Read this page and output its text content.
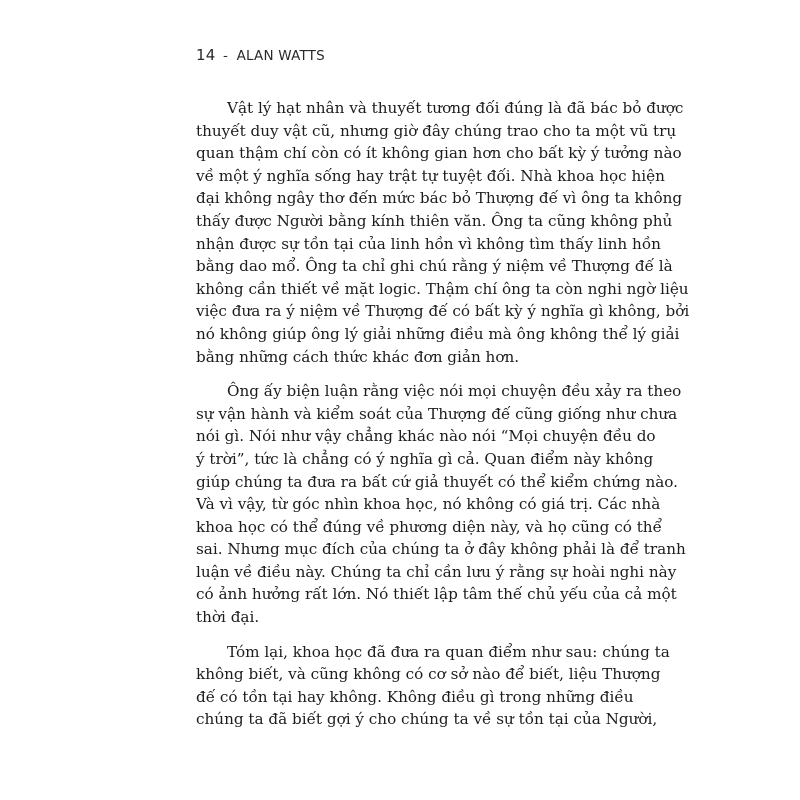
14 - ALAN WATTS
Vật lý hạt nhân và thuyết tương đối đúng là đã bác bỏ được
thuyết duy vật cũ, nhưng giờ đây chúng trao cho ta một vũ trụ
quan thậm chí còn có ít không gian hơn cho bất kỳ ý tưởng nào
về một ý nghĩa sống hay trật tự tuyệt đối. Nhà khoa học hiện
đại không ngây thơ đến mức bác bỏ Thượng đế vì ông ta không
thấy được Người bằng kính thiên văn. Ông ta cũng không phủ
nhận được sự tồn tại của linh hồn vì không tìm thấy linh hồn
bằng dao mổ. Ông ta chỉ ghi chú rằng ý niệm về Thượng đế là
không cần thiết về mặt logic. Thậm chí ông ta còn nghi ngờ liệu
việc đưa ra ý niệm về Thượng đế có bất kỳ ý nghĩa gì không, bởi
nó không giúp ông lý giải những điều mà ông không thể lý giải
bằng những cách thức khác đơn giản hơn.
Ông ấy biện luận rằng việc nói mọi chuyện đều xảy ra theo
sự vận hành và kiểm soát của Thượng đế cũng giống như chưa
nói gì. Nói như vậy chẳng khác nào nói “Mọi chuyện đều do
ý trời”, tức là chẳng có ý nghĩa gì cả. Quan điểm này không
giúp chúng ta đưa ra bất cứ giả thuyết có thể kiểm chứng nào.
Và vì vậy, từ góc nhìn khoa học, nó không có giá trị. Các nhà
khoa học có thể đúng về phương diện này, và họ cũng có thể
sai. Nhưng mục đích của chúng ta ở đây không phải là để tranh
luận về điều này. Chúng ta chỉ cần lưu ý rằng sự hoài nghi này
có ảnh hưởng rất lớn. Nó thiết lập tâm thế chủ yếu của cả một
thời đại.
Tóm lại, khoa học đã đưa ra quan điểm như sau: chúng ta
không biết, và cũng không có cơ sở nào để biết, liệu Thượng
đế có tồn tại hay không. Không điều gì trong những điều
chúng ta đã biết gợi ý cho chúng ta về sự tồn tại của Người,
